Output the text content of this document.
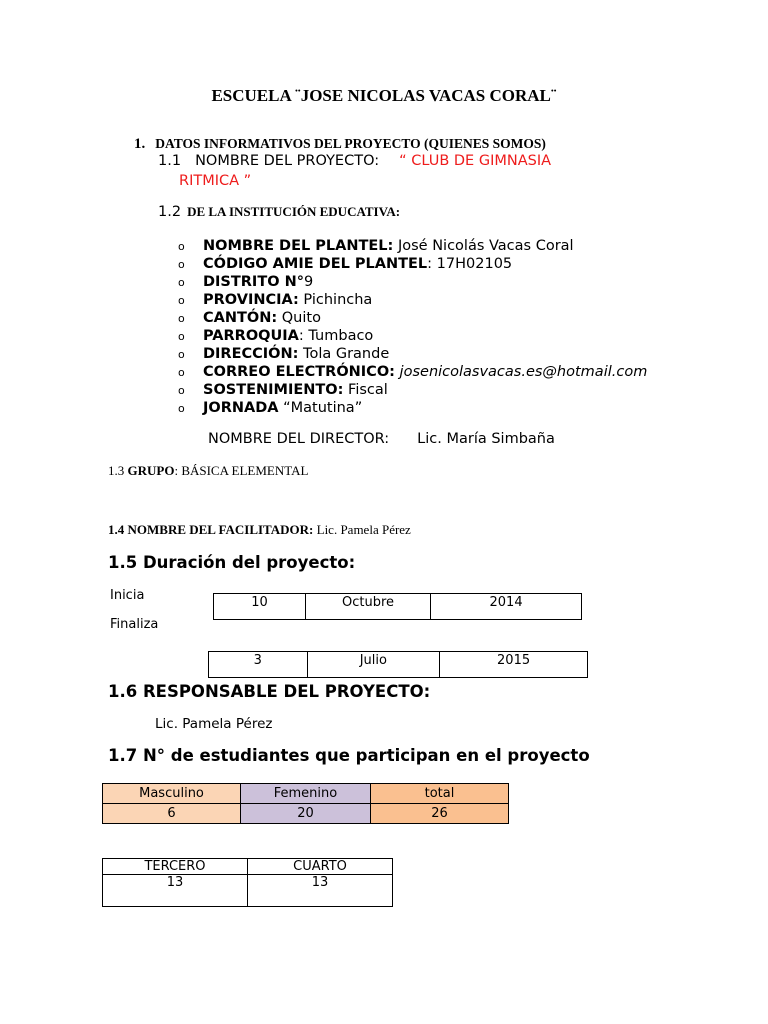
ESCUELA ¨JOSE NICOLAS VACAS CORAL¨
1. DATOS INFORMATIVOS DEL PROYECTO (QUIENES SOMOS)
1.1 NOMBRE DEL PROYECTO: “ CLUB DE GIMNASIA
RITMICA ”
1.2 DE LA INSTITUCIÓN EDUCATIVA:
o NOMBRE DEL PLANTEL: José Nicolás Vacas Coral
o CÓDIGO AMIE DEL PLANTEL: 17H02105
o DISTRITO N°9
o PROVINCIA: Pichincha
o CANTÓN: Quito
o PARROQUIA: Tumbaco
o DIRECCIÓN: Tola Grande
o CORREO ELECTRÓNICO: josenicolasvacas.es@hotmail.com
o SOSTENIMIENTO: Fiscal
o JORNADA “Matutina”
NOMBRE DEL DIRECTOR: Lic. María Simbaña
1.3 GRUPO: BÁSICA ELEMENTAL
1.4 NOMBRE DEL FACILITADOR: Lic. Pamela Pérez
1.5 Duración del proyecto:
Inicia
Finaliza
10	Octubre	2014
3	Julio	2015
1.6 RESPONSABLE DEL PROYECTO:
Lic. Pamela Pérez
1.7 N° de estudiantes que participan en el proyecto
Masculino	Femenino	total
6	20	26
TERCERO	CUARTO
13	13
